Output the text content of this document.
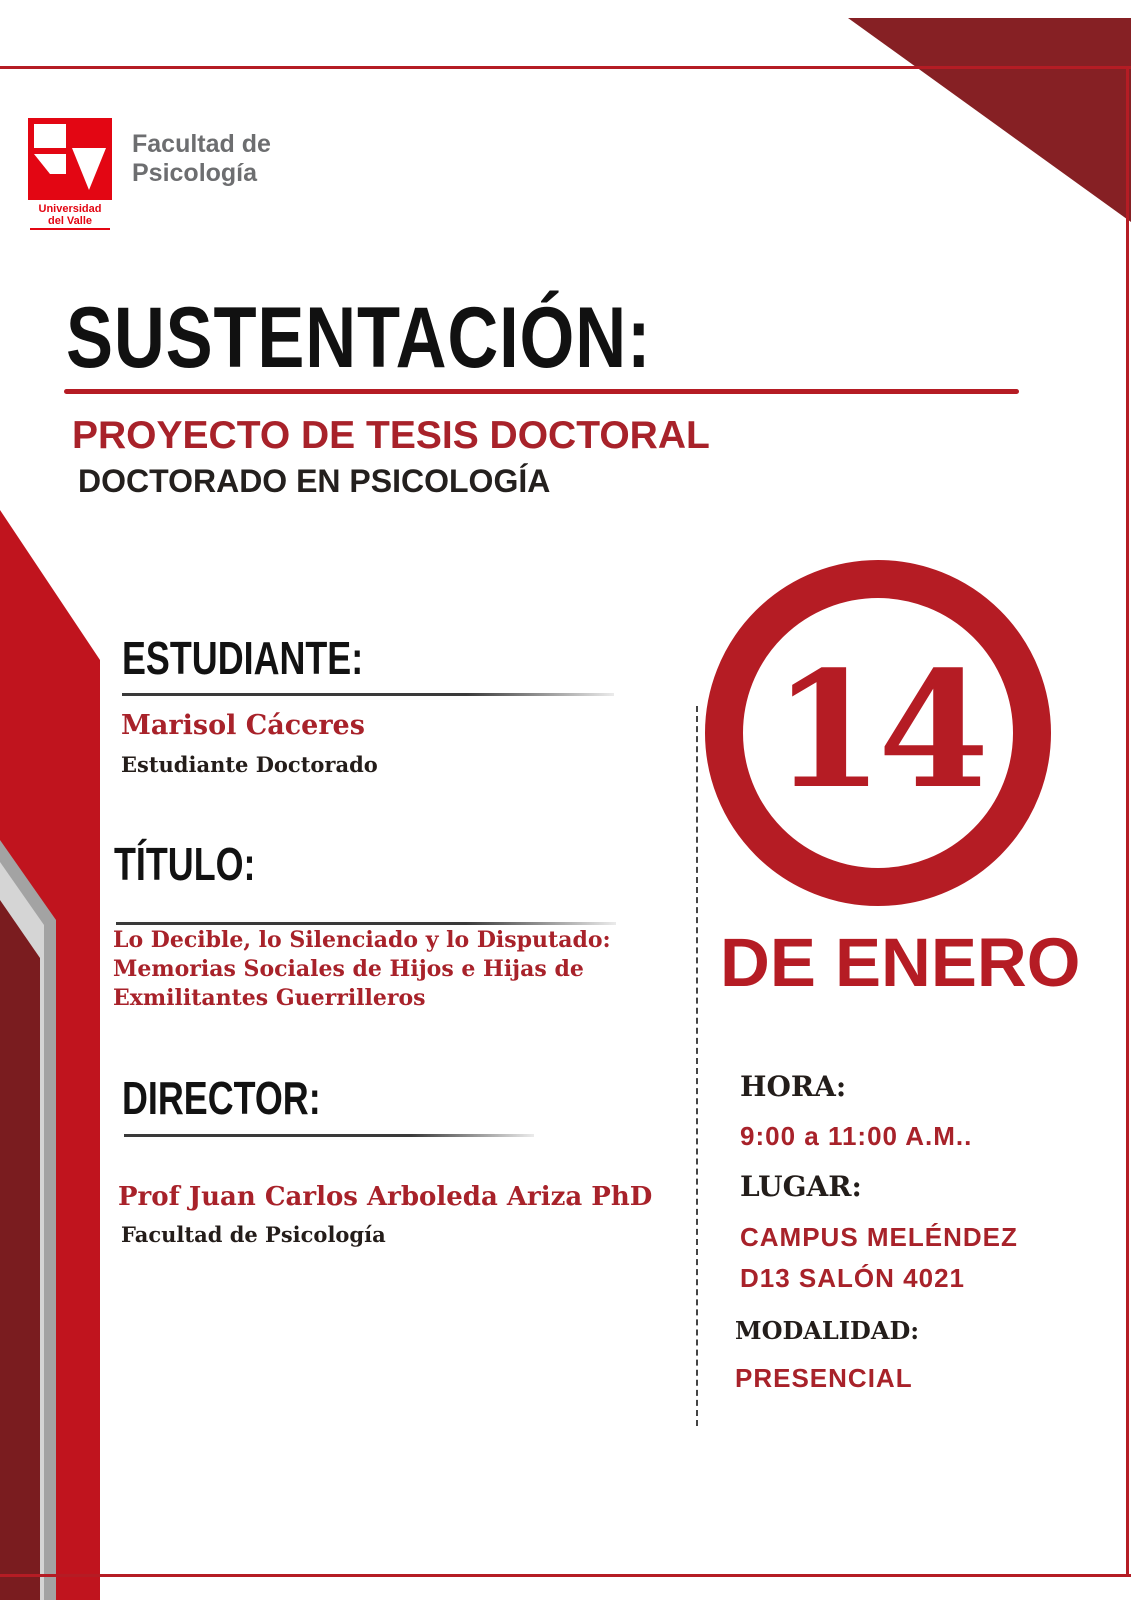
Universidad
del Valle
Facultad de
Psicología
SUSTENTACIÓN:
PROYECTO DE TESIS DOCTORAL
DOCTORADO EN PSICOLOGÍA
ESTUDIANTE:
Marisol Cáceres
Estudiante Doctorado
TÍTULO:
Lo Decible, lo Silenciado y lo Disputado:
Memorias Sociales de Hijos e Hijas de
Exmilitantes Guerrilleros
DIRECTOR:
Prof Juan Carlos Arboleda Ariza PhD
Facultad de Psicología
14
DE ENERO
HORA:
9:00 a 11:00 A.M..
LUGAR:
CAMPUS MELÉNDEZ
D13 SALÓN 4021
MODALIDAD:
PRESENCIAL
